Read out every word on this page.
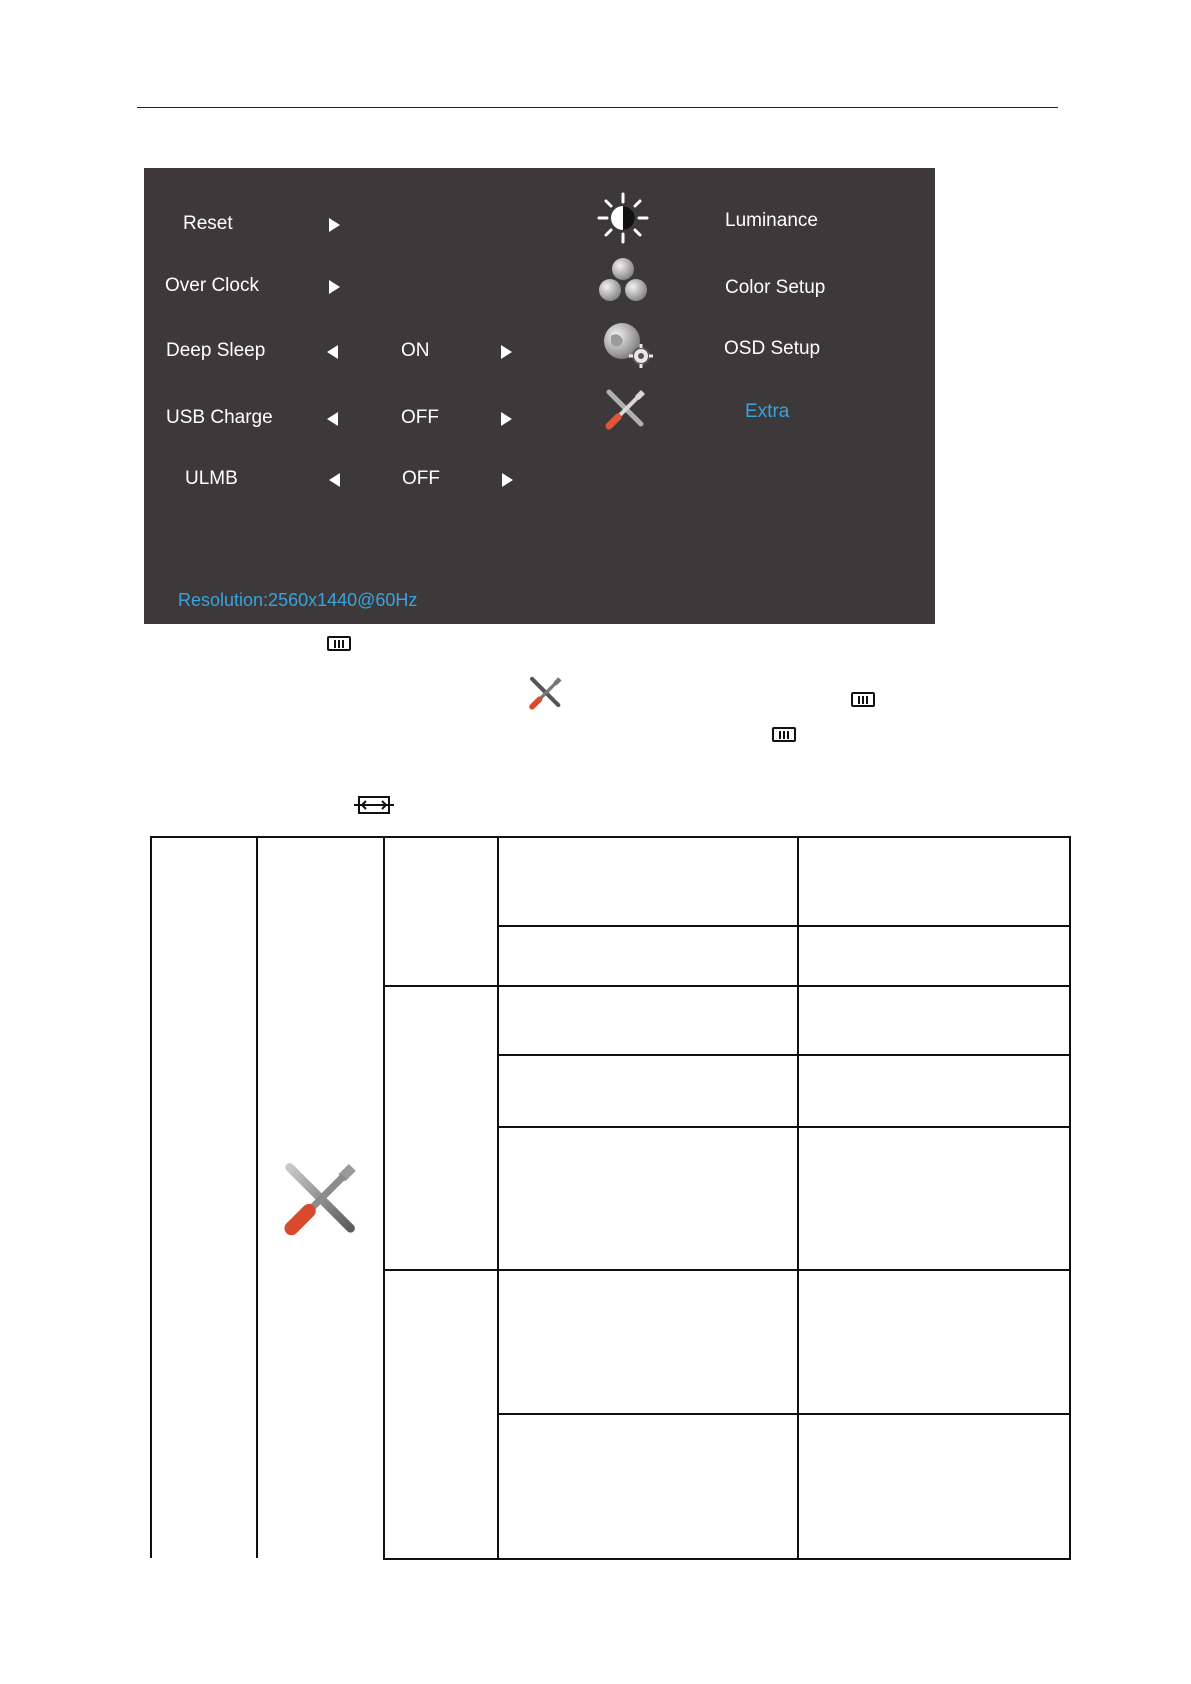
Reset
Over Clock
Deep Sleep	ON
USB Charge	OFF
ULMB	OFF
Resolution:2560x1440@60Hz
Luminance
Color Setup
OSD Setup
Extra
